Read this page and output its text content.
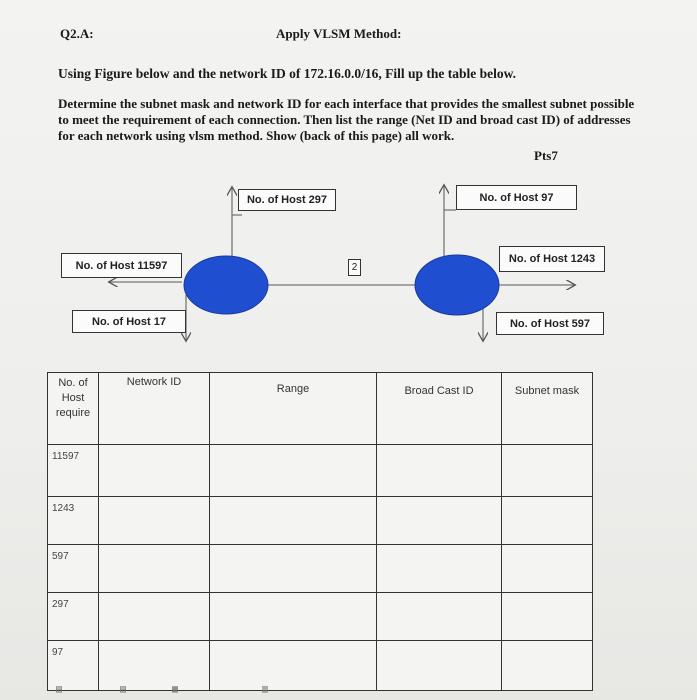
Q2.A:	Apply VLSM Method:
Using Figure below and the network ID of 172.16.0.0/16, Fill up the table below.
Determine the subnet mask and network ID for each interface that provides the smallest subnet possible to meet the requirement of each connection. Then list the range (Net ID and broad cast ID) of addresses for each network using vlsm method. Show (back of this page) all work.
Pts7
No. of Host 297	No. of Host 97
No. of Host 11597
No. of Host 17
No. of Host 1243
No. of Host 597
2
No. of
Host
require	Network ID	Range	Broad Cast ID	Subnet mask
11597				
1243				
597				
297				
97				
▤	▤	▦	▥
